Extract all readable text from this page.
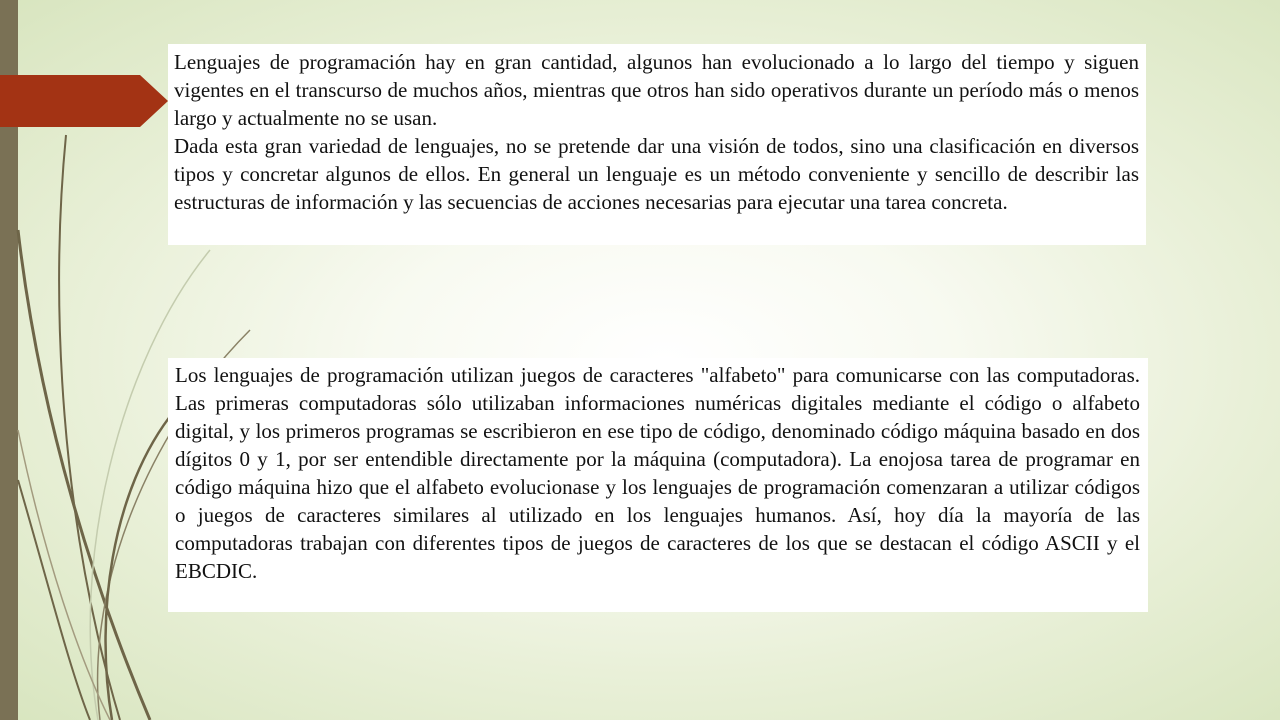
Lenguajes de programación hay en gran cantidad, algunos han evolucionado a lo largo del tiempo y siguen vigentes en el transcurso de muchos años, mientras que otros han sido operativos durante un período más o menos largo y actualmente no se usan.

Dada esta gran variedad de lenguajes, no se pretende dar una visión de todos, sino una clasificación en diversos tipos y concretar algunos de ellos. En general un lenguaje es un método conveniente y sencillo de describir las estructuras de información y las secuencias de acciones necesarias para ejecutar una tarea concreta.

Los lenguajes de programación utilizan juegos de caracteres "alfabeto" para comunicarse con las computadoras. Las primeras computadoras sólo utilizaban informaciones numéricas digitales mediante el código o alfabeto digital, y los primeros programas se escribieron en ese tipo de código, denominado código máquina basado en dos dígitos 0 y 1, por ser entendible directamente por la máquina (computadora). La enojosa tarea de programar en código máquina hizo que el alfabeto evolucionase y los lenguajes de programación comenzaran a utilizar códigos o juegos de caracteres similares al utilizado en los lenguajes humanos. Así, hoy día la mayoría de las computadoras trabajan con diferentes tipos de juegos de caracteres de los que se destacan el código ASCII y el EBCDIC.
